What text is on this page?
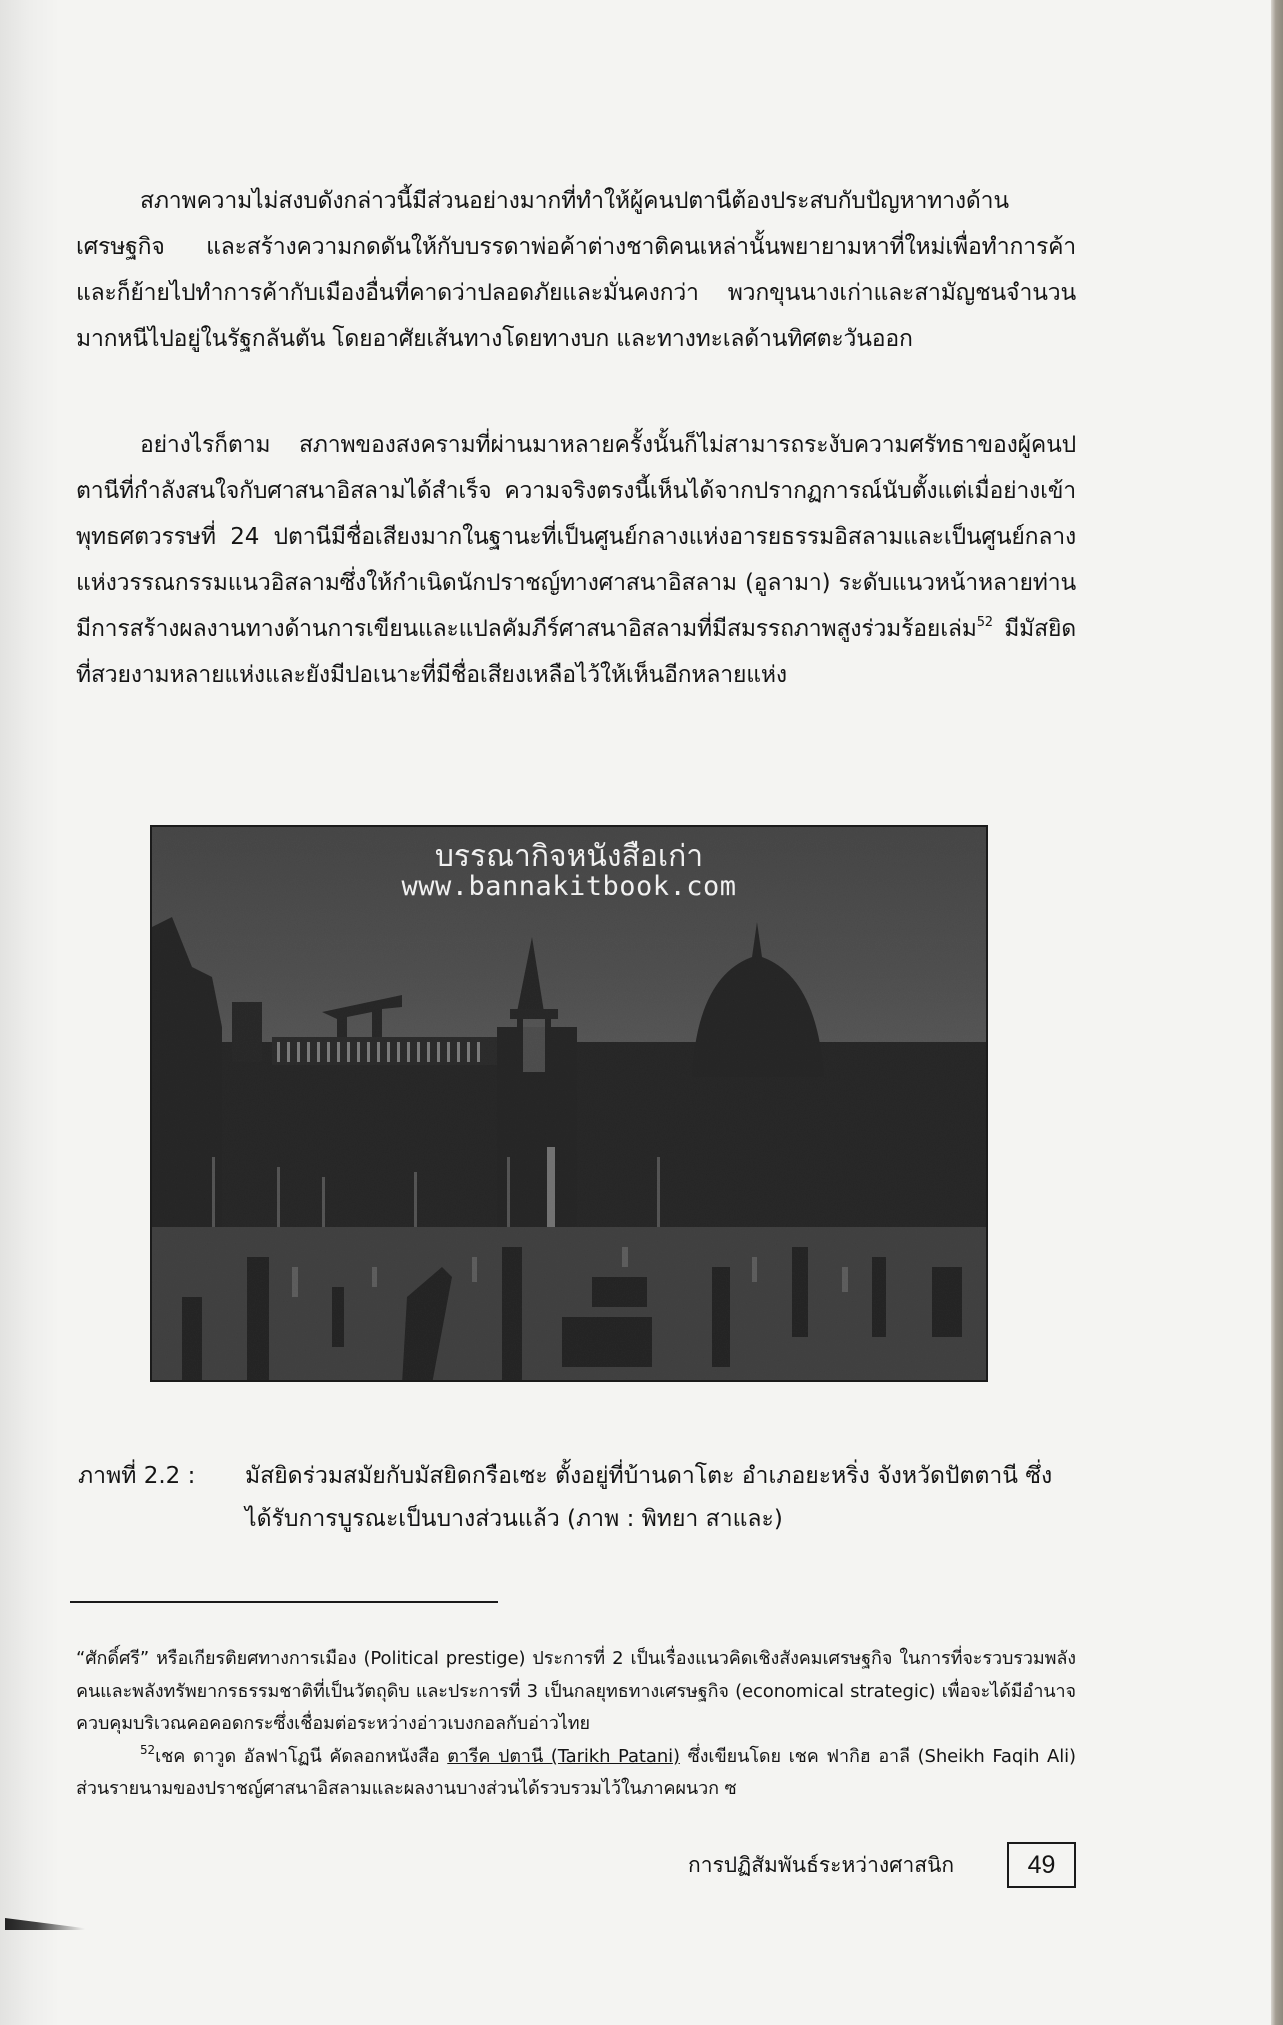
สภาพความไม่สงบดังกล่าวนี้มีส่วนอย่างมากที่ทำให้ผู้คนปตานีต้องประสบกับปัญหาทางด้านเศรษฐกิจ และสร้างความกดดันให้กับบรรดาพ่อค้าต่างชาติคนเหล่านั้นพยายามหาที่ใหม่เพื่อทำการค้า และก็ย้ายไปทำการค้ากับเมืองอื่นที่คาดว่าปลอดภัยและมั่นคงกว่า พวกขุนนางเก่าและสามัญชนจำนวนมากหนีไปอยู่ในรัฐกลันตัน โดยอาศัยเส้นทางโดยทางบก และทางทะเลด้านทิศตะวันออก

อย่างไรก็ตาม สภาพของสงครามที่ผ่านมาหลายครั้งนั้นก็ไม่สามารถระงับความศรัทธาของผู้คนปตานีที่กำลังสนใจกับศาสนาอิสลามได้สำเร็จ ความจริงตรงนี้เห็นได้จากปรากฏการณ์นับตั้งแต่เมื่อย่างเข้าพุทธศตวรรษที่ 24 ปตานีมีชื่อเสียงมากในฐานะที่เป็นศูนย์กลางแห่งอารยธรรมอิสลามและเป็นศูนย์กลางแห่งวรรณกรรมแนวอิสลามซึ่งให้กำเนิดนักปราชญ์ทางศาสนาอิสลาม (อูลามา) ระดับแนวหน้าหลายท่าน มีการสร้างผลงานทางด้านการเขียนและแปลคัมภีร์ศาสนาอิสลามที่มีสมรรถภาพสูงร่วมร้อยเล่ม$^{52}$ มีมัสยิดที่สวยงามหลายแห่งและยังมีปอเนาะที่มีชื่อเสียงเหลือไว้ให้เห็นอีกหลายแห่ง

บรรณากิจหนังสือเก่า
www.bannakitbook.com
ภาพที่ 2.2 : มัสยิดร่วมสมัยกับมัสยิดกรือเซะ ตั้งอยู่ที่บ้านดาโตะ อำเภอยะหริ่ง จังหวัดปัตตานี ซึ่งได้รับการบูรณะเป็นบางส่วนแล้ว (ภาพ : พิทยา สาและ)

“ศักดิ์ศรี” หรือเกียรติยศทางการเมือง (Political prestige) ประการที่ 2 เป็นเรื่องแนวคิดเชิงสังคมเศรษฐกิจ ในการที่จะรวบรวมพลังคนและพลังทรัพยากรธรรมชาติที่เป็นวัตถุดิบ และประการที่ 3 เป็นกลยุทธทางเศรษฐกิจ (economical strategic) เพื่อจะได้มีอำนาจควบคุมบริเวณคอคอดกระซึ่งเชื่อมต่อระหว่างอ่าวเบงกอลกับอ่าวไทย

$^{52}$เชค ดาวูด อัลฟาโฏนี คัดลอกหนังสือ ตารีค ปตานี (Tarikh Patani) ซึ่งเขียนโดย เชค ฟากิฮ อาลี (Sheikh Faqih Ali) ส่วนรายนามของปราชญ์ศาสนาอิสลามและผลงานบางส่วนได้รวบรวมไว้ในภาคผนวก ซ

การปฏิสัมพันธ์ระหว่างศาสนิก	49
